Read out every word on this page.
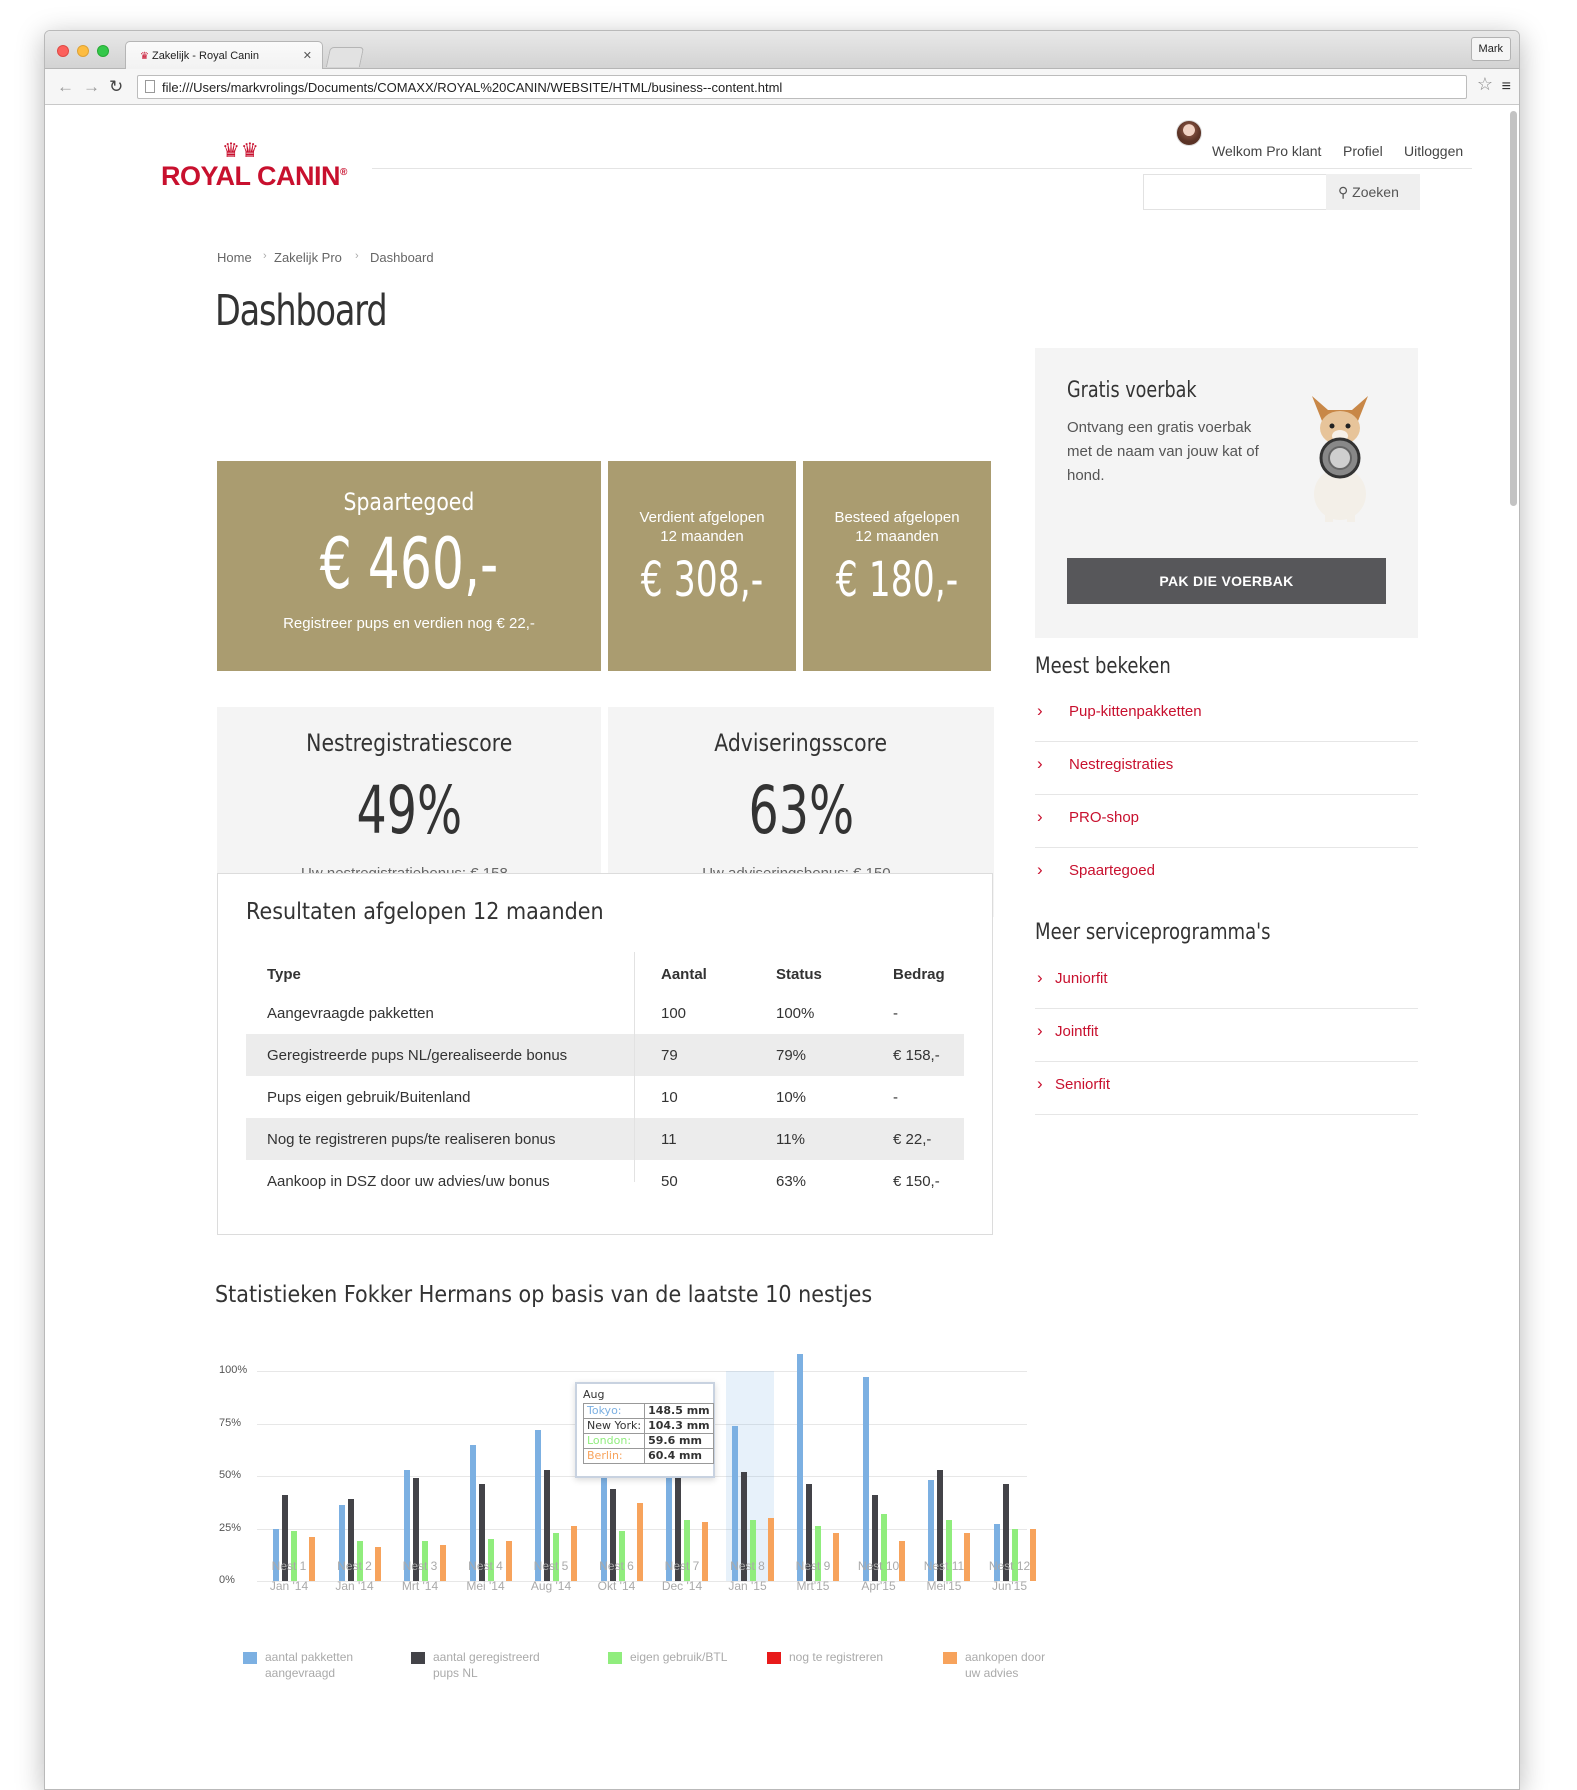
♛ Zakelijk - Royal Canin	✕
Mark
← → ↻	file:///Users/markvrolings/Documents/COMAXX/ROYAL%20CANIN/WEBSITE/HTML/business--content.html	☆ ≡
♛♛
ROYAL CANIN®
Welkom Pro klant Profiel Uitloggen
⚲ Zoeken
Home › Zakelijk Pro › Dashboard
Dashboard
Spaartegoed
€ 460,-
Registreer pups en verdien nog € 22,-
Verdient afgelopen
12 maanden
€ 308,-
Besteed afgelopen
12 maanden
€ 180,-
Nestregistratiescore
49%
Adviseringsscore
63%
Resultaten afgelopen 12 maanden
Type	Aantal	Status	Bedrag
Aangevraagde pakketten	100	100%	-
Geregistreerde pups NL/gerealiseerde bonus	79	79%	€ 158,-
Pups eigen gebruik/Buitenland	10	10%	-
Nog te registreren pups/te realiseren bonus	11	11%	€ 22,-
Aankoop in DSZ door uw advies/uw bonus	50	63%	€ 150,-
Statistieken Fokker Hermans op basis van de laatste 10 nestjes
100%
75%
50%
25%
0%
Nest 1
Jan '14
Nest 2
Jan '14
Nest 3
Mrt '14
Nest 4
Mei '14
Nest 5
Aug '14
Nest 6
Okt '14
Nest 7
Dec '14
Nest 8
Jan '15
Nest 9
Mrt'15
Nest 10
Apr'15
Nest 11
Mei'15
Nest 12
Jun'15
aantal pakketten
aangevraagd
aantal geregistreerd
pups NL
eigen gebruik/BTL	nog te registreren	aankopen door
uw advies
Aug
Tokyo:	148.5 mm
New York:	104.3 mm
London:	59.6 mm
Berlin:	60.4 mm
Gratis voerbak
Ontvang een gratis voerbak met de naam van jouw kat of hond.
PAK DIE VOERBAK
Meest bekeken
› Pup-kittenpakketten
› Nestregistraties
› PRO-shop
› Spaartegoed
Meer serviceprogramma's
› Juniorfit
› Jointfit
› Seniorfit
